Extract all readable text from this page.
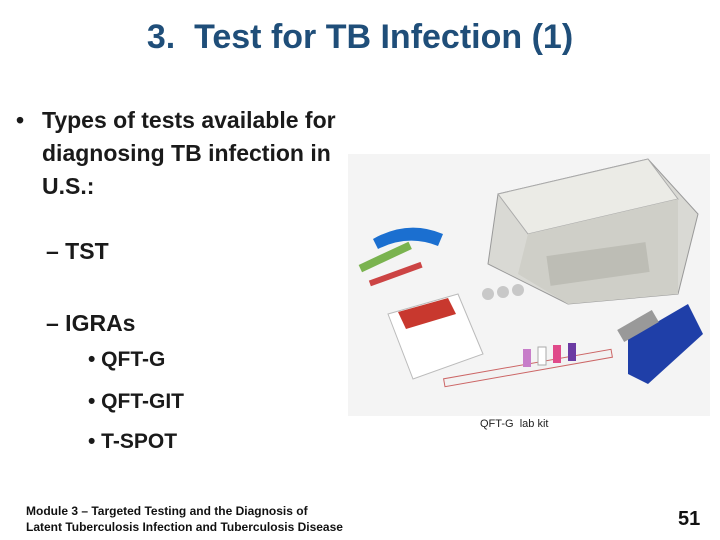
3.  Test for TB Infection (1)
• Types of tests available for diagnosing TB infection in U.S.:
– TST
– IGRAs
• QFT-G
• QFT-GIT
• T-SPOT
QFT-G  lab kit
Module 3 – Targeted Testing and the Diagnosis of
Latent Tuberculosis Infection and Tuberculosis Disease	51
